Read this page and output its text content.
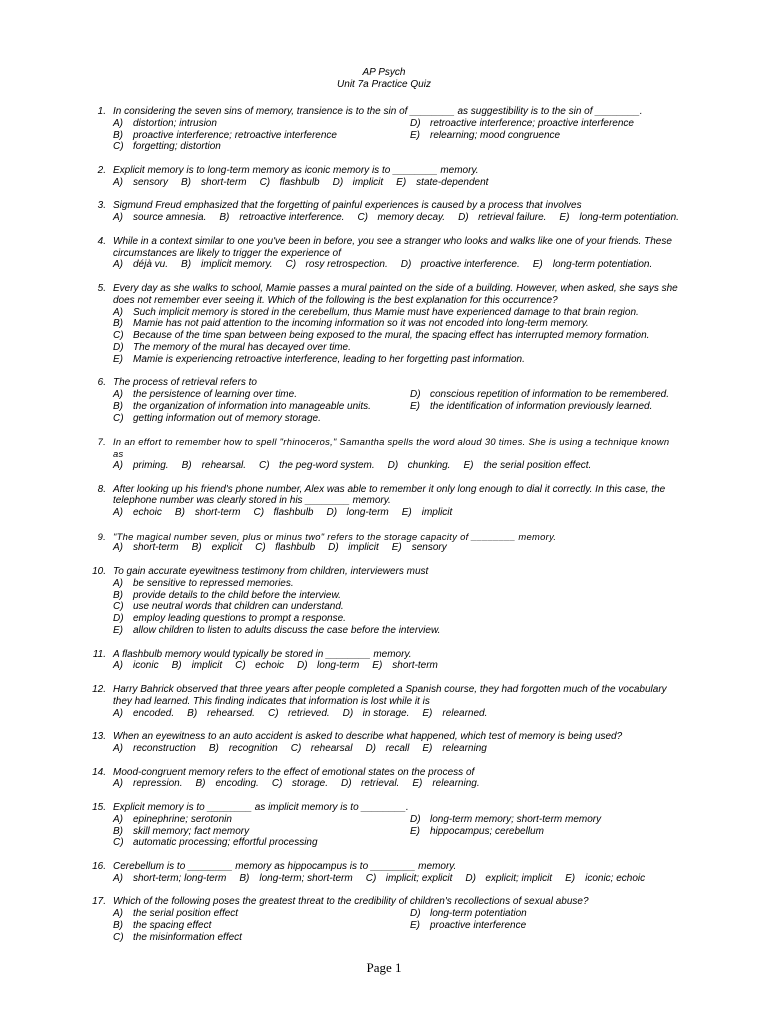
AP Psych
Unit 7a Practice Quiz
1. In considering the seven sins of memory, transience is to the sin of ________ as suggestibility is to the sin of ________.
A) distortion; intrusion	D) retroactive interference; proactive interference
B) proactive interference; retroactive interference	E) relearning; mood congruence
C) forgetting; distortion
2. Explicit memory is to long-term memory as iconic memory is to ________ memory.
A) sensory B) short-term C) flashbulb D) implicit E) state-dependent
3. Sigmund Freud emphasized that the forgetting of painful experiences is caused by a process that involves
A) source amnesia. B) retroactive interference. C) memory decay. D) retrieval failure. E) long-term potentiation.
4. While in a context similar to one you've been in before, you see a stranger who looks and walks like one of your friends. These circumstances are likely to trigger the experience of
A) déjà vu. B) implicit memory. C) rosy retrospection. D) proactive interference. E) long-term potentiation.
5. Every day as she walks to school, Mamie passes a mural painted on the side of a building. However, when asked, she says she does not remember ever seeing it. Which of the following is the best explanation for this occurrence?
A) Such implicit memory is stored in the cerebellum, thus Mamie must have experienced damage to that brain region.
B) Mamie has not paid attention to the incoming information so it was not encoded into long-term memory.
C) Because of the time span between being exposed to the mural, the spacing effect has interrupted memory formation.
D) The memory of the mural has decayed over time.
E) Mamie is experiencing retroactive interference, leading to her forgetting past information.
6. The process of retrieval refers to
A) the persistence of learning over time.	D) conscious repetition of information to be remembered.
B) the organization of information into manageable units.	E) the identification of information previously learned.
C) getting information out of memory storage.
7. In an effort to remember how to spell "rhinoceros," Samantha spells the word aloud 30 times. She is using a technique known as
A) priming. B) rehearsal. C) the peg-word system. D) chunking. E) the serial position effect.
8. After looking up his friend's phone number, Alex was able to remember it only long enough to dial it correctly. In this case, the telephone number was clearly stored in his ________ memory.
A) echoic B) short-term C) flashbulb D) long-term E) implicit
9. "The magical number seven, plus or minus two" refers to the storage capacity of ________ memory.
A) short-term B) explicit C) flashbulb D) implicit E) sensory
10. To gain accurate eyewitness testimony from children, interviewers must
A) be sensitive to repressed memories.
B) provide details to the child before the interview.
C) use neutral words that children can understand.
D) employ leading questions to prompt a response.
E) allow children to listen to adults discuss the case before the interview.
11. A flashbulb memory would typically be stored in ________ memory.
A) iconic B) implicit C) echoic D) long-term E) short-term
12. Harry Bahrick observed that three years after people completed a Spanish course, they had forgotten much of the vocabulary they had learned. This finding indicates that information is lost while it is
A) encoded. B) rehearsed. C) retrieved. D) in storage. E) relearned.
13. When an eyewitness to an auto accident is asked to describe what happened, which test of memory is being used?
A) reconstruction B) recognition C) rehearsal D) recall E) relearning
14. Mood-congruent memory refers to the effect of emotional states on the process of
A) repression. B) encoding. C) storage. D) retrieval. E) relearning.
15. Explicit memory is to ________ as implicit memory is to ________.
A) epinephrine; serotonin	D) long-term memory; short-term memory
B) skill memory; fact memory	E) hippocampus; cerebellum
C) automatic processing; effortful processing
16. Cerebellum is to ________ memory as hippocampus is to ________ memory.
A) short-term; long-term B) long-term; short-term C) implicit; explicit D) explicit; implicit E) iconic; echoic
17. Which of the following poses the greatest threat to the credibility of children's recollections of sexual abuse?
A) the serial position effect	D) long-term potentiation
B) the spacing effect	E) proactive interference
C) the misinformation effect
Page 1
